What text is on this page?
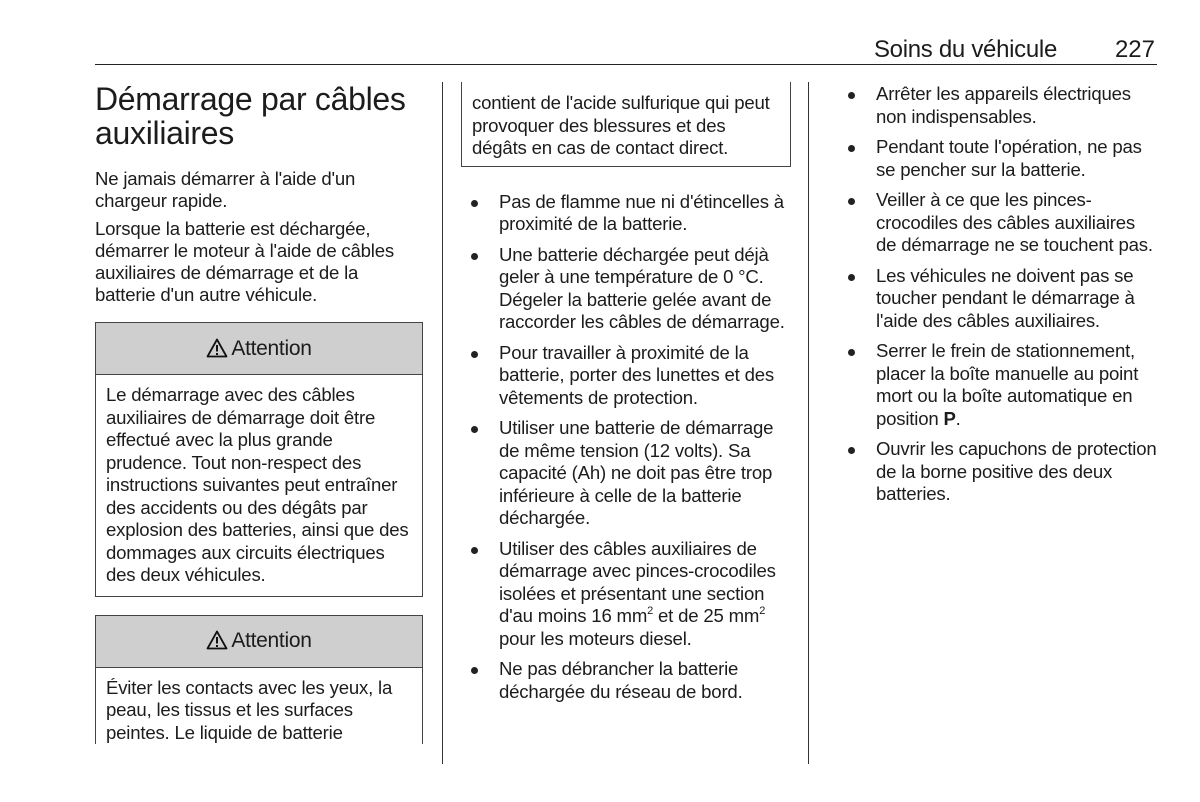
Soins du véhicule 227
Démarrage par câbles auxiliaires

Ne jamais démarrer à l'aide d'un chargeur rapide.

Lorsque la batterie est déchargée, démarrer le moteur à l'aide de câbles auxiliaires de démarrage et de la batterie d'un autre véhicule.

Attention
Le démarrage avec des câbles auxiliaires de démarrage doit être effectué avec la plus grande prudence. Tout non-respect des instructions suivantes peut entraîner des accidents ou des dégâts par explosion des batteries, ainsi que des dommages aux circuits électriques des deux véhicules.
Attention
Éviter les contacts avec les yeux, la peau, les tissus et les surfaces peintes. Le liquide de batterie
contient de l'acide sulfurique qui peut provoquer des blessures et des dégâts en cas de contact direct.
Pas de flamme nue ni d'étincelles à proximité de la batterie.
Une batterie déchargée peut déjà geler à une température de 0 °C. Dégeler la batterie gelée avant de raccorder les câbles de démarrage.
Pour travailler à proximité de la batterie, porter des lunettes et des vêtements de protection.
Utiliser une batterie de démarrage de même tension (12 volts). Sa capacité (Ah) ne doit pas être trop inférieure à celle de la batterie déchargée.
Utiliser des câbles auxiliaires de démarrage avec pinces-crocodiles isolées et présentant une section d'au moins 16 $mm^2$ et de 25 $mm^2$ pour les moteurs diesel.
Ne pas débrancher la batterie déchargée du réseau de bord.
Arrêter les appareils électriques non indispensables.
Pendant toute l'opération, ne pas se pencher sur la batterie.
Veiller à ce que les pinces-crocodiles des câbles auxiliaires de démarrage ne se touchent pas.
Les véhicules ne doivent pas se toucher pendant le démarrage à l'aide des câbles auxiliaires.
Serrer le frein de stationnement, placer la boîte manuelle au point mort ou la boîte automatique en position P.
Ouvrir les capuchons de protection de la borne positive des deux batteries.
